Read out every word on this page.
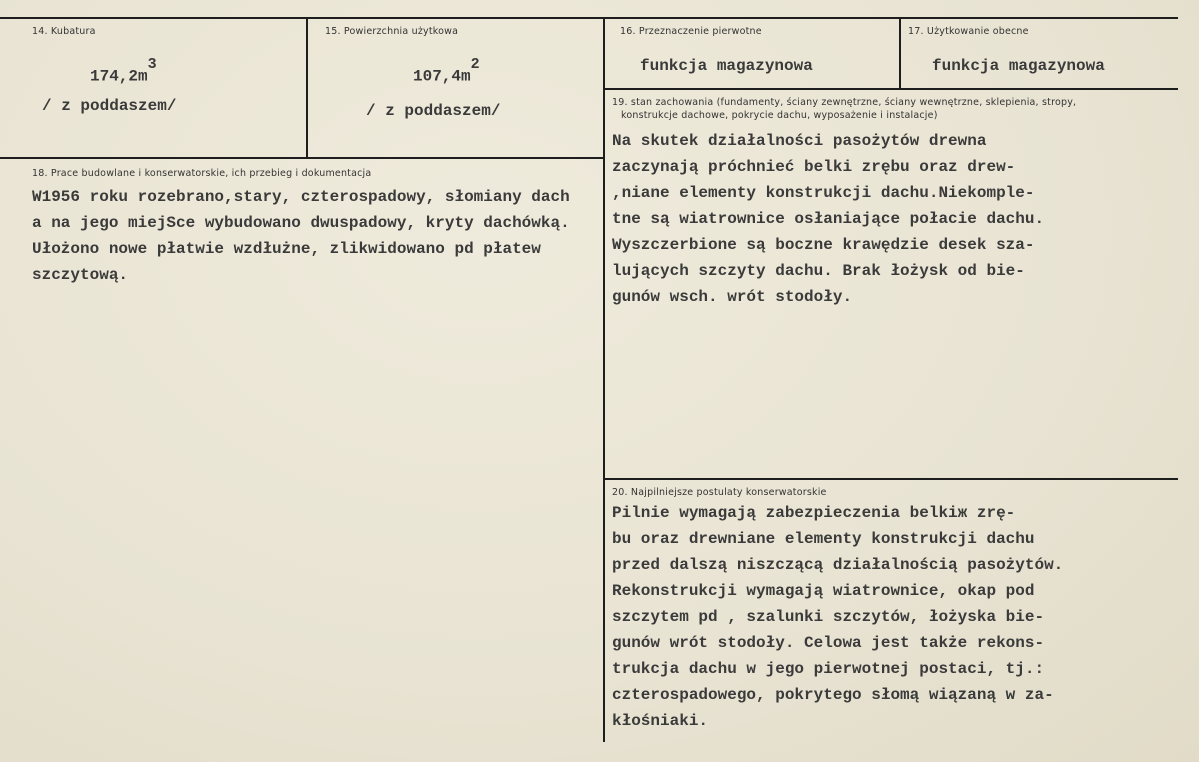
14. Kubatura
$174,2m^3$
/ z poddaszem/
15. Powierzchnia użytkowa
$107,4m^2$
/ z poddaszem/
16. Przeznaczenie pierwotne
funkcja magazynowa
17. Użytkowanie obecne
funkcja magazynowa
18. Prace budowlane i konserwatorskie, ich przebieg i dokumentacja
W1956 roku rozebrano,stary, czterospadowy, słomiany dach
a na jego miejSce wybudowano dwuspadowy, kryty dachówką.
Ułożono nowe płatwie wzdłużne, zlikwidowano pd płatew
szczytową.
19. stan zachowania (fundamenty, ściany zewnętrzne, ściany wewnętrzne, sklepienia, stropy,
konstrukcje dachowe, pokrycie dachu, wyposażenie i instalacje)
Na skutek działalności pasożytów drewna
zaczynają próchnieć belki zrębu oraz drew-
,niane elementy konstrukcji dachu.Niekomple-
tne są wiatrownice osłaniające połacie dachu.
Wyszczerbione są boczne krawędzie desek sza-
lujących szczyty dachu. Brak łożysk od bie-
gunów wsch. wrót stodoły.
20. Najpilniejsze postulaty konserwatorskie
Pilnie wymagają zabezpieczenia belkiж zrę-
bu oraz drewniane elementy konstrukcji dachu
przed dalszą niszczącą działalnością pasożytów.
Rekonstrukcji wymagają wiatrownice, okap pod
szczytem pd , szalunki szczytów, łożyska bie-
gunów wrót stodoły. Celowa jest także rekons-
trukcja dachu w jego pierwotnej postaci, tj.:
czterospadowego, pokrytego słomą wiązaną w za-
kłośniaki.
